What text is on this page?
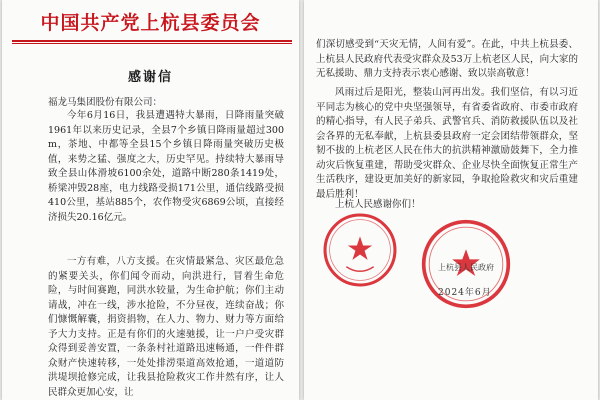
中国共产党上杭县委员会
感谢信
福龙马集团股份有限公司：

今年6月16日，我县遭遇特大暴雨，日降雨量突破1961年以来历史记录，全县7个乡镇日降雨量超过300 m，茶地、中都等全县15个乡镇日降雨量突破历史极值，来势之猛、强度之大，历史罕见。持续特大暴雨导致全县山体滑坡6100余处，道路中断280条1419处，桥梁冲毁28座，电力线路受损171公里，通信线路受损410公里，基站885个，农作物受灾6869公顷，直接经济损失20.16亿元。

一方有难，八方支援。在灾情最紧急、灾区最危急的紧要关头，你们闻令而动，向洪进行，冒着生命危险，与时间赛跑，同洪水较量，为生命护航；你们主动请战，冲在一线，涉水抢险，不分昼夜，连续奋战；你们慷慨解囊，捐资捐物，在人力、物力、财力等方面给予大力支持。正是有你们的火速驰援，让一户户受灾群众得到妥善安置，一条条村社道路迅速畅通，一件件群众财产快速转移，一处处排涝渠道高效抢通，一道道防洪堤坝抢修完成，让我县抢险救灾工作井然有序，让人民群众更加心安，让

们深切感受到“天灾无情，人间有爱”。在此，中共上杭县委、上杭县人民政府代表受灾群众及53万上杭老区人民，向大家的无私援助、鼎力支持表示衷心感谢、致以崇高敬意！

风雨过后是阳光，整装山河再出发。我们坚信，有以习近平同志为核心的党中央坚强领导，有省委省政府、市委市政府的精心指导，有人民子弟兵、武警官兵、消防救援队伍以及社会各界的无私奉献，上杭县委县政府一定会团结带领群众，坚韧不拔的上杭老区人民在伟大的抗洪精神激励鼓舞下，全力推动灾后恢复重建，帮助受灾群众、企业尽快全面恢复正常生产生活秩序，建设更加美好的新家园，争取抢险救灾和灾后重建最后胜利！

上杭人民感谢你们！
上杭县人民政府
2024年6月
